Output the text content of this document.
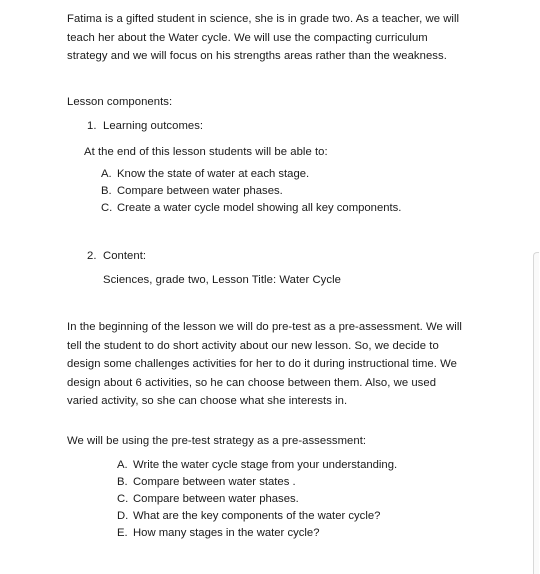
Fatima is a gifted student in science, she is in grade two. As a teacher, we will
teach her about the Water cycle. We will use the compacting curriculum
strategy and we will focus on his strengths areas rather than the weakness.
Lesson components:
1. Learning outcomes:
At the end of this lesson students will be able to:
A. Know the state of water at each stage.
B. Compare between water phases.
C. Create a water cycle model showing all key components.
2. Content:
Sciences, grade two, Lesson Title: Water Cycle
In the beginning of the lesson we will do pre-test as a pre-assessment. We will
tell the student to do short activity about our new lesson. So, we decide to
design some challenges activities for her to do it during instructional time. We
design about 6 activities, so he can choose between them. Also, we used
varied activity, so she can choose what she interests in.
We will be using the pre-test strategy as a pre-assessment:
A. Write the water cycle stage from your understanding.
B. Compare between water states .
C. Compare between water phases.
D. What are the key components of the water cycle?
E. How many stages in the water cycle?
